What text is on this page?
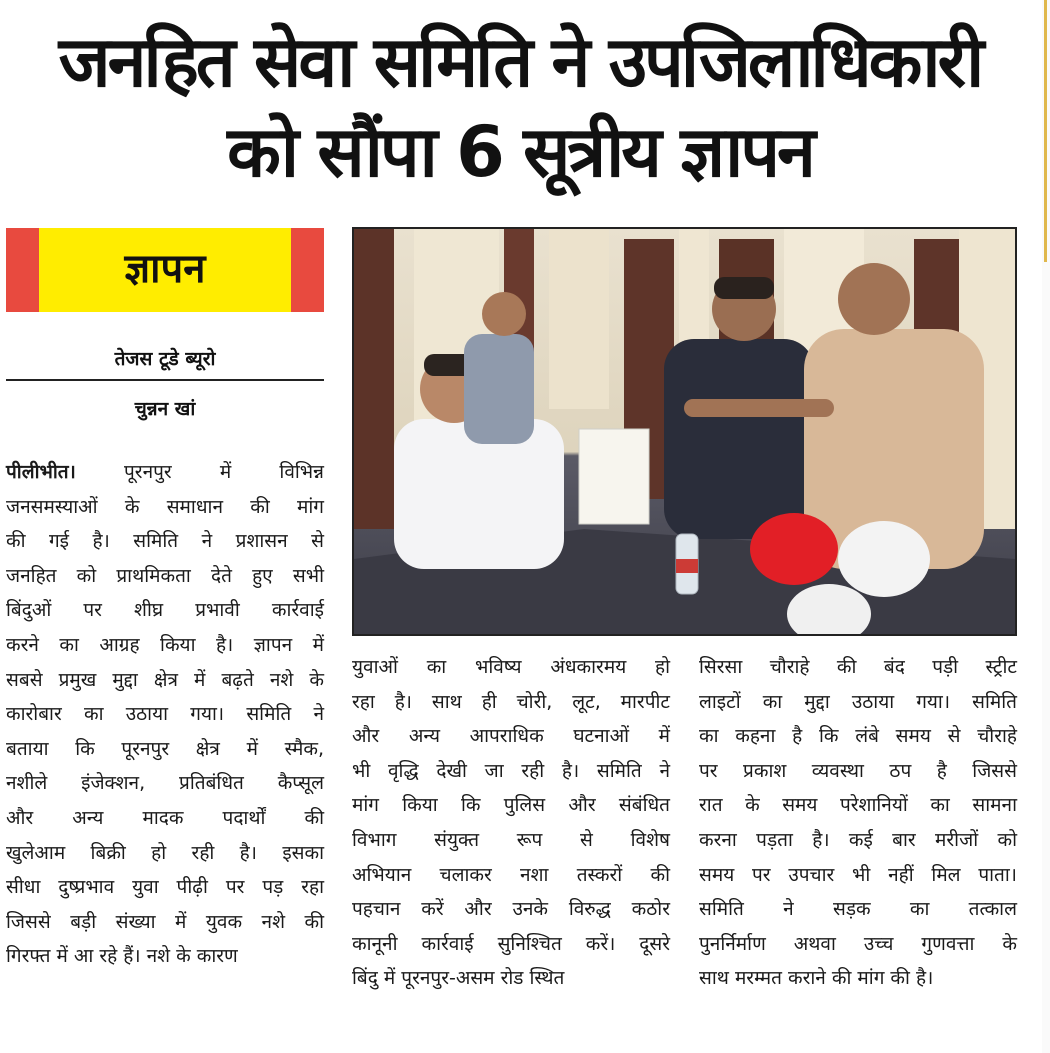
जनहित सेवा समिति ने उपजिलाधिकारी
को सौंपा 6 सूत्रीय ज्ञापन
ज्ञापन
तेजस टूडे ब्यूरो
चुन्नन खां
पीलीभीत। पूरनपुर में विभिन्न
जनसमस्याओं के समाधान की मांग
की गई है। समिति ने प्रशासन से
जनहित को प्राथमिकता देते हुए सभी
बिंदुओं पर शीघ्र प्रभावी कार्रवाई
करने का आग्रह किया है। ज्ञापन में
सबसे प्रमुख मुद्दा क्षेत्र में बढ़ते नशे के
कारोबार का उठाया गया। समिति ने
बताया कि पूरनपुर क्षेत्र में स्मैक,
नशीले इंजेक्शन, प्रतिबंधित कैप्सूल
और अन्य मादक पदार्थों की
खुलेआम बिक्री हो रही है। इसका
सीधा दुष्प्रभाव युवा पीढ़ी पर पड़ रहा
जिससे बड़ी संख्या में युवक नशे की
गिरफ्त में आ रहे हैं। नशे के कारण
युवाओं का भविष्य अंधकारमय हो
रहा है। साथ ही चोरी, लूट, मारपीट
और अन्य आपराधिक घटनाओं में
भी वृद्धि देखी जा रही है। समिति ने
मांग किया कि पुलिस और संबंधित
विभाग संयुक्त रूप से विशेष
अभियान चलाकर नशा तस्करों की
पहचान करें और उनके विरुद्ध कठोर
कानूनी कार्रवाई सुनिश्चित करें। दूसरे
बिंदु में पूरनपुर-असम रोड स्थित
सिरसा चौराहे की बंद पड़ी स्ट्रीट
लाइटों का मुद्दा उठाया गया। समिति
का कहना है कि लंबे समय से चौराहे
पर प्रकाश व्यवस्था ठप है जिससे
रात के समय परेशानियों का सामना
करना पड़ता है। कई बार मरीजों को
समय पर उपचार भी नहीं मिल पाता।
समिति ने सड़क का तत्काल
पुनर्निर्माण अथवा उच्च गुणवत्ता के
साथ मरम्मत कराने की मांग की है।
